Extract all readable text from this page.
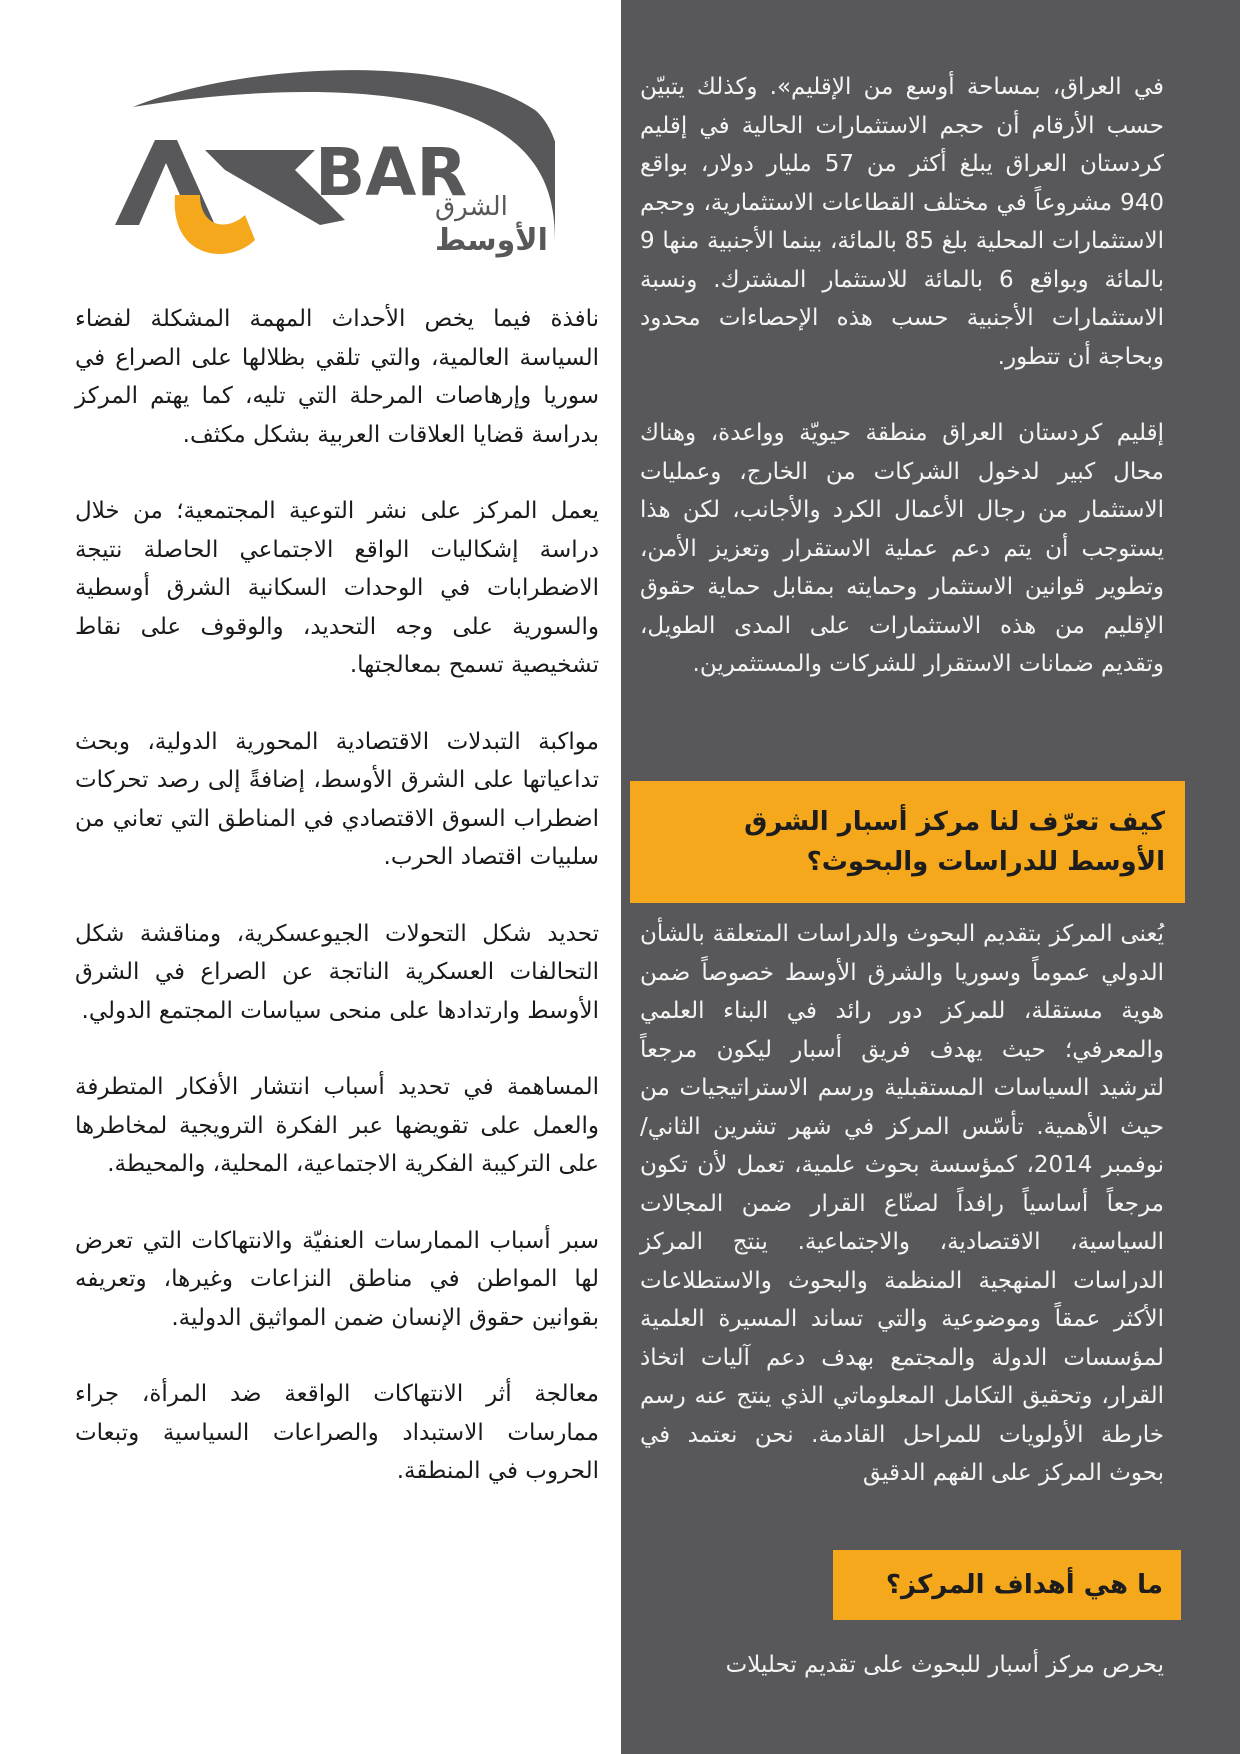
BAR
A
الشرق
الأوسط

في العراق، بمساحة أوسع من الإقليم». وكذلك يتبيّن حسب الأرقام أن حجم الاستثمارات الحالية في إقليم كردستان العراق يبلغ أكثر من 57 مليار دولار، بواقع 940 مشروعاً في مختلف القطاعات الاستثمارية، وحجم الاستثمارات المحلية بلغ 85 بالمائة، بينما الأجنبية منها 9 بالمائة وبواقع 6 بالمائة للاستثمار المشترك. ونسبة الاستثمارات الأجنبية حسب هذه الإحصاءات محدود وبحاجة أن تتطور.

إقليم كردستان العراق منطقة حيويّة وواعدة، وهناك محال كبير لدخول الشركات من الخارج، وعمليات الاستثمار من رجال الأعمال الكرد والأجانب، لكن هذا يستوجب أن يتم دعم عملية الاستقرار وتعزيز الأمن، وتطوير قوانين الاستثمار وحمايته بمقابل حماية حقوق الإقليم من هذه الاستثمارات على المدى الطويل، وتقديم ضمانات الاستقرار للشركات والمستثمرين.

كيف تعرّف لنا مركز أسبار الشرق الأوسط للدراسات والبحوث؟

يُعنى المركز بتقديم البحوث والدراسات المتعلقة بالشأن الدولي عموماً وسوريا والشرق الأوسط خصوصاً ضمن هوية مستقلة، للمركز دور رائد في البناء العلمي والمعرفي؛ حيث يهدف فريق أسبار ليكون مرجعاً لترشيد السياسات المستقبلية ورسم الاستراتيجيات من حيث الأهمية. تأسّس المركز في شهر تشرين الثاني/ نوفمبر 2014، كمؤسسة بحوث علمية، تعمل لأن تكون مرجعاً أساسياً رافداً لصنّاع القرار ضمن المجالات السياسية، الاقتصادية، والاجتماعية. ينتج المركز الدراسات المنهجية المنظمة والبحوث والاستطلاعات الأكثر عمقاً وموضوعية والتي تساند المسيرة العلمية لمؤسسات الدولة والمجتمع بهدف دعم آليات اتخاذ القرار، وتحقيق التكامل المعلوماتي الذي ينتج عنه رسم خارطة الأولويات للمراحل القادمة. نحن نعتمد في بحوث المركز على الفهم الدقيق

ما هي أهداف المركز؟

يحرص مركز أسبار للبحوث على تقديم تحليلات

نافذة فيما يخص الأحداث المهمة المشكلة لفضاء السياسة العالمية، والتي تلقي بظلالها على الصراع في سوريا وإرهاصات المرحلة التي تليه، كما يهتم المركز بدراسة قضايا العلاقات العربية بشكل مكثف.

يعمل المركز على نشر التوعية المجتمعية؛ من خلال دراسة إشكاليات الواقع الاجتماعي الحاصلة نتيجة الاضطرابات في الوحدات السكانية الشرق أوسطية والسورية على وجه التحديد، والوقوف على نقاط تشخيصية تسمح بمعالجتها.

مواكبة التبدلات الاقتصادية المحورية الدولية، وبحث تداعياتها على الشرق الأوسط، إضافةً إلى رصد تحركات اضطراب السوق الاقتصادي في المناطق التي تعاني من سلبيات اقتصاد الحرب.

تحديد شكل التحولات الجيوعسكرية، ومناقشة شكل التحالفات العسكرية الناتجة عن الصراع في الشرق الأوسط وارتدادها على منحى سياسات المجتمع الدولي.

المساهمة في تحديد أسباب انتشار الأفكار المتطرفة والعمل على تقويضها عبر الفكرة الترويجية لمخاطرها على التركيبة الفكرية الاجتماعية، المحلية، والمحيطة.

سبر أسباب الممارسات العنفيّة والانتهاكات التي تعرض لها المواطن في مناطق النزاعات وغيرها، وتعريفه بقوانين حقوق الإنسان ضمن المواثيق الدولية.

معالجة أثر الانتهاكات الواقعة ضد المرأة، جراء ممارسات الاستبداد والصراعات السياسية وتبعات الحروب في المنطقة.
